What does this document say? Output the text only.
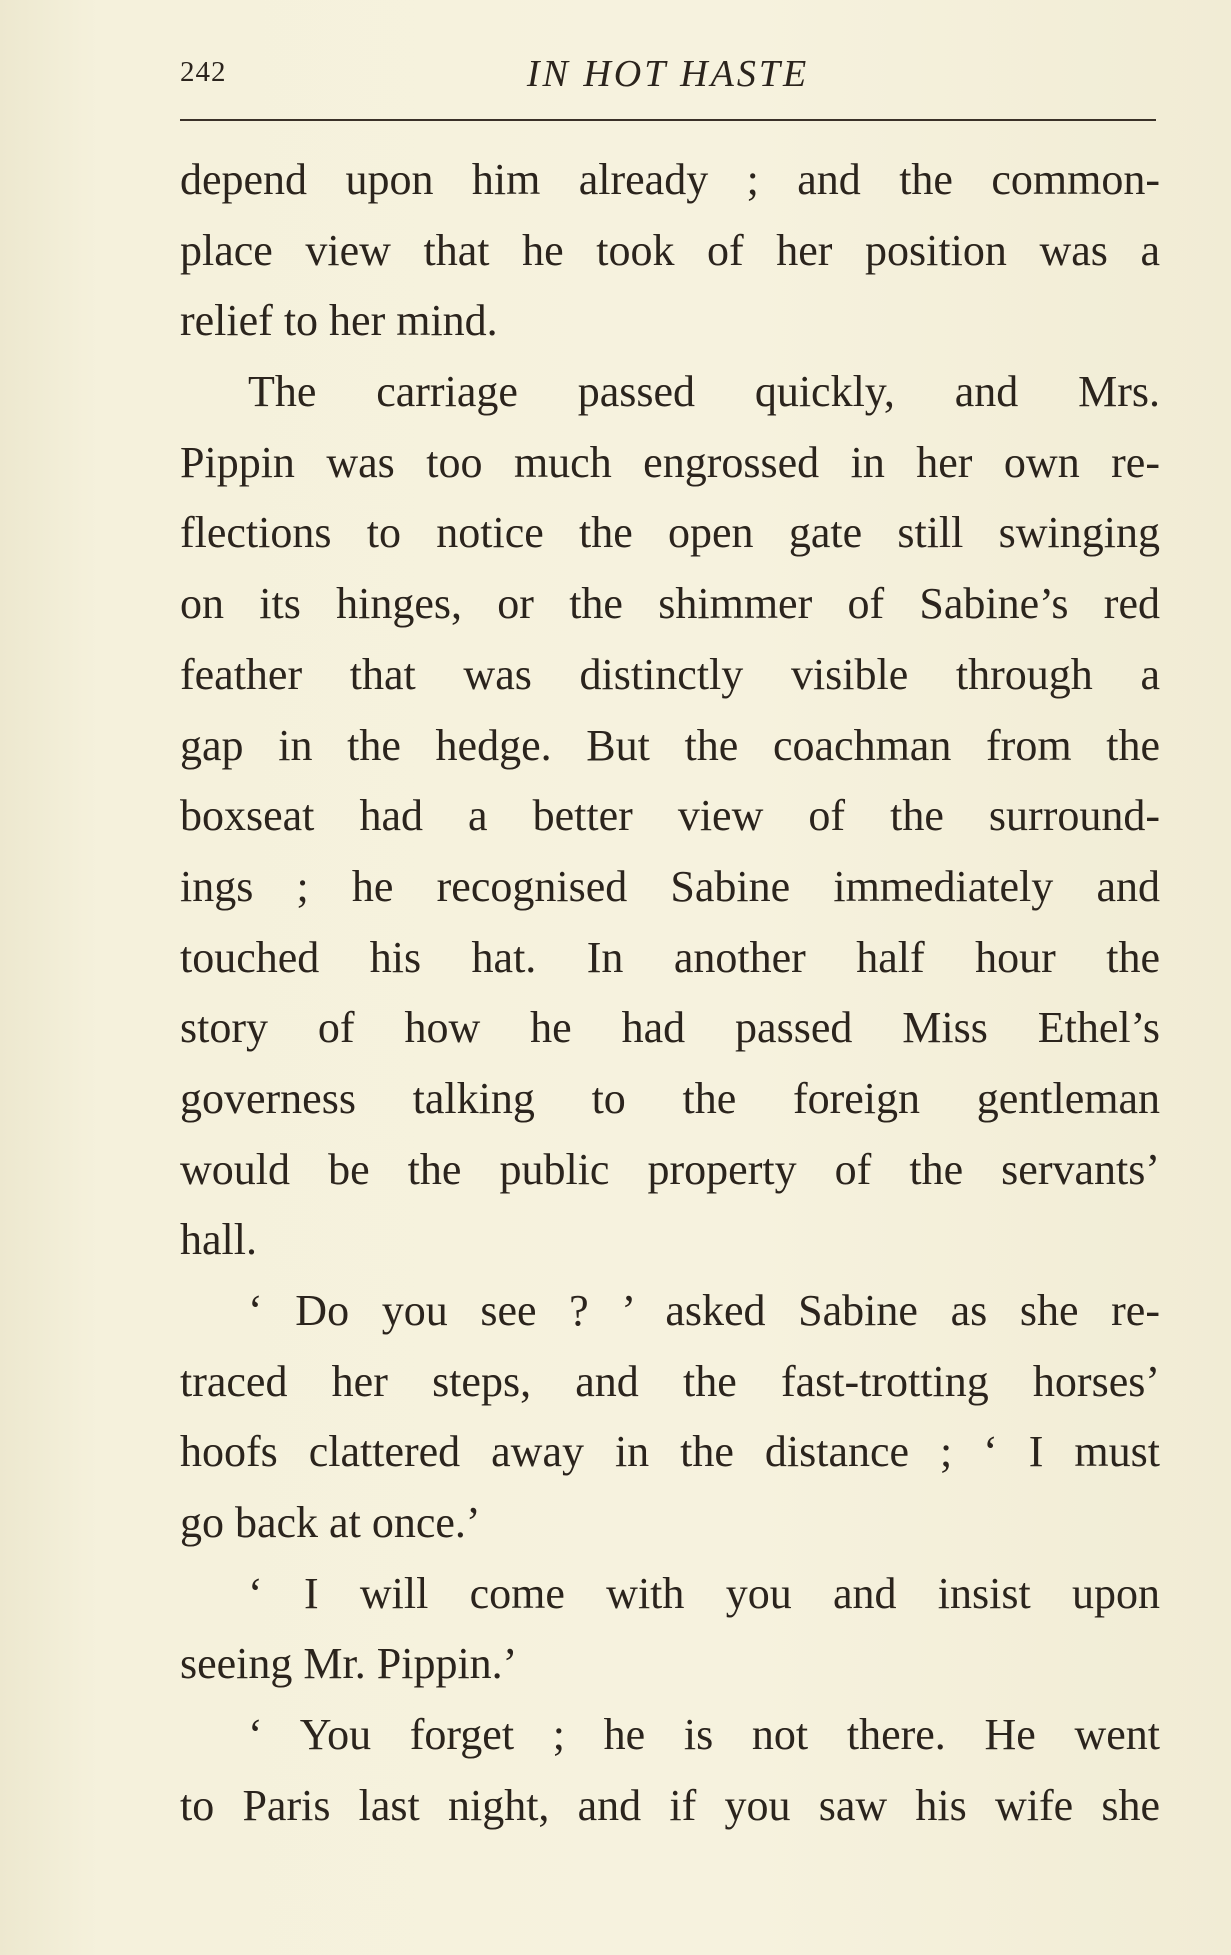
242	IN HOT HASTE
depend upon him already ; and the common-
place view that he took of her position was a
relief to her mind.
The carriage passed quickly, and Mrs.
Pippin was too much engrossed in her own re-
flections to notice the open gate still swinging
on its hinges, or the shimmer of Sabine’s red
feather that was distinctly visible through a
gap in the hedge. But the coachman from the
boxseat had a better view of the surround-
ings ; he recognised Sabine immediately and
touched his hat. In another half hour the
story of how he had passed Miss Ethel’s
governess talking to the foreign gentleman
would be the public property of the servants’
hall.
‘ Do you see ? ’ asked Sabine as she re-
traced her steps, and the fast-trotting horses’
hoofs clattered away in the distance ; ‘ I must
go back at once.’
‘ I will come with you and insist upon
seeing Mr. Pippin.’
‘ You forget ; he is not there. He went
to Paris last night, and if you saw his wife she
